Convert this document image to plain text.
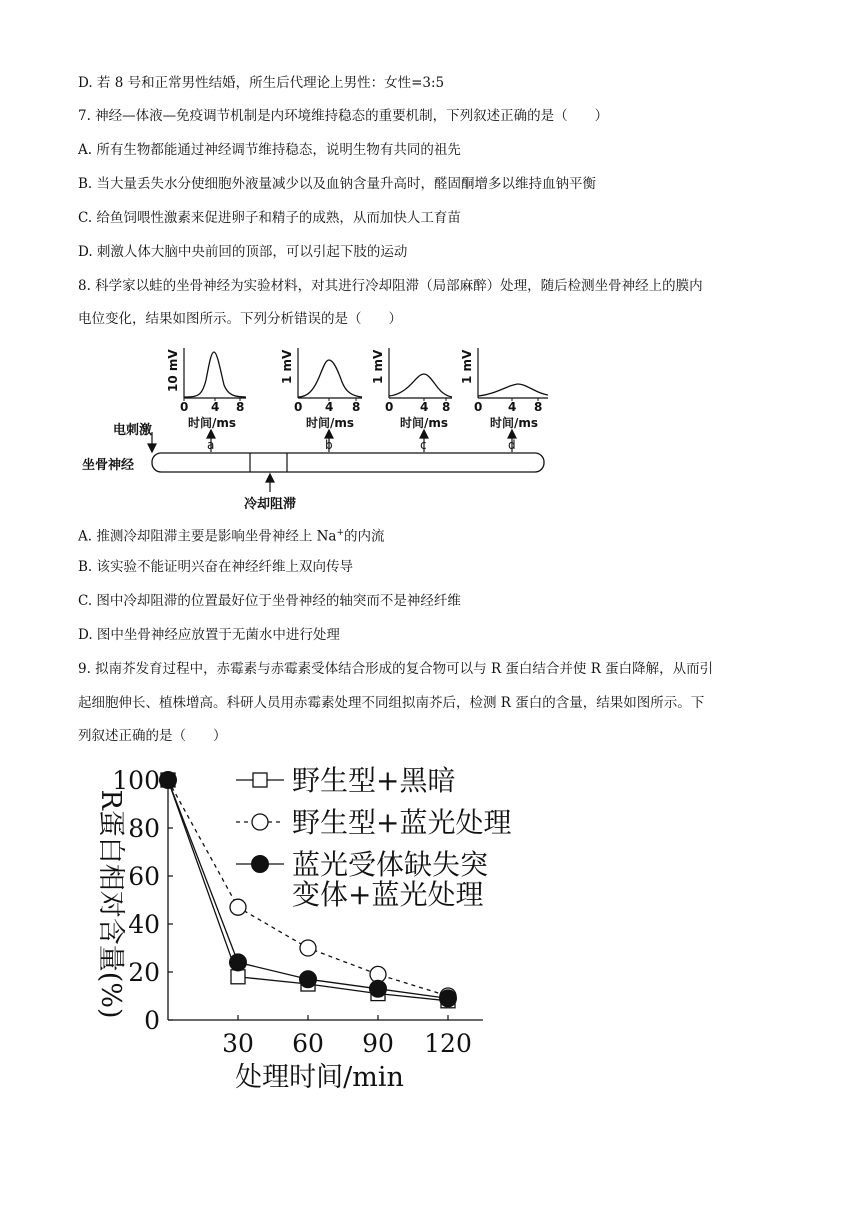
D. 若 8 号和正常男性结婚，所生后代理论上男性：女性=3:5
7. 神经—体液—免疫调节机制是内环境维持稳态的重要机制，下列叙述正确的是（　　）
A. 所有生物都能通过神经调节维持稳态，说明生物有共同的祖先
B. 当大量丢失水分使细胞外液量减少以及血钠含量升高时，醛固酮增多以维持血钠平衡
C. 给鱼饲喂性激素来促进卵子和精子的成熟，从而加快人工育苗
D. 刺激人体大脑中央前回的顶部，可以引起下肢的运动
8. 科学家以蛙的坐骨神经为实验材料，对其进行冷却阻滞（局部麻醉）处理，随后检测坐骨神经上的膜内
电位变化，结果如图所示。下列分析错误的是（　　）
10 mV	1 mV	1 mV	1 mV
0 4 8	0 4 8 0 4 8 0 4 8
时间/ms	时间/ms	时间/ms	时间/ms
a	b	c	d
电刺激
坐骨神经
冷却阻滞
A. 推测冷却阻滞主要是影响坐骨神经上 Na+的内流
B. 该实验不能证明兴奋在神经纤维上双向传导
C. 图中冷却阻滞的位置最好位于坐骨神经的轴突而不是神经纤维
D. 图中坐骨神经应放置于无菌水中进行处理
9. 拟南芥发育过程中，赤霉素与赤霉素受体结合形成的复合物可以与 R 蛋白结合并使 R 蛋白降解，从而引
起细胞伸长、植株增高。科研人员用赤霉素处理不同组拟南芥后，检测 R 蛋白的含量，结果如图所示。下
列叙述正确的是（　　）
0
20
40
60
80
100
30 60 90 120
处理时间/min
R蛋白相对含量(%)
野生型+黑暗
野生型+蓝光处理
蓝光受体缺失突
变体+蓝光处理
